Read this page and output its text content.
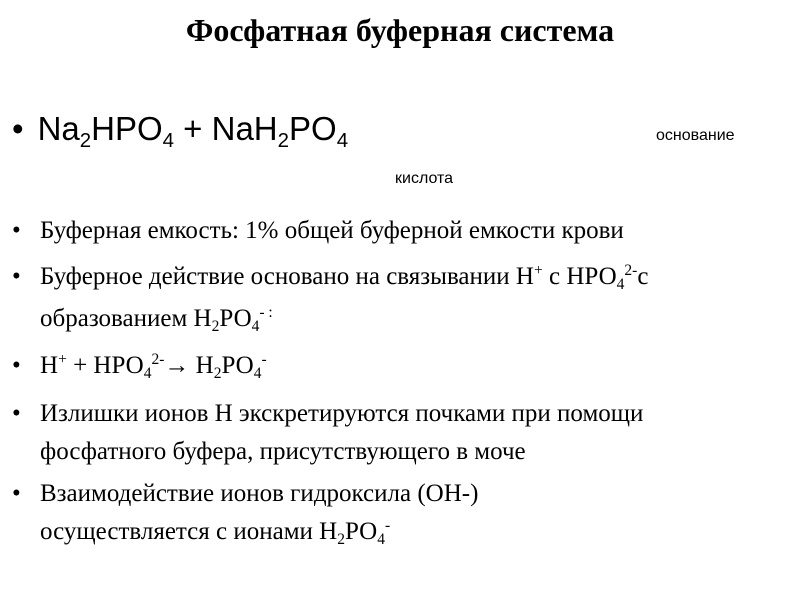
Фосфатная буферная система
• $Na_2HPO_4 + NaH_2PO_4$	основание
кислота
• Буферная емкость: 1% общей буферной емкости крови
• Буферное действие основано на связывании Н+ с $НРО_4^{2-}с$
образованием $Н_2РО_4^{- :}$
• $Н^+ + НРО_4^{2-}\to Н_2РО_4^-$
• Излишки ионов Н экскретируются почками при помощи
фосфатного буфера, присутствующего в моче
• Взаимодействие ионов гидроксила (ОН-)
осуществляется с ионами $Н_2РО_4^-$
